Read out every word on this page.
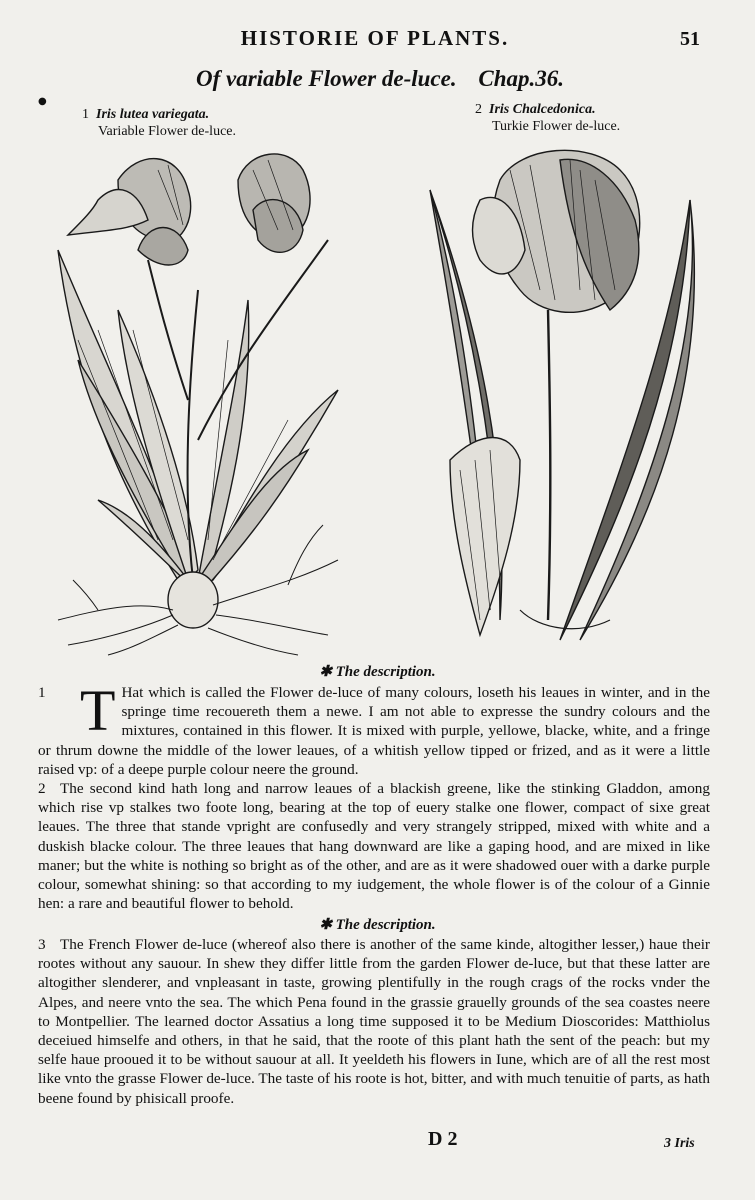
HISTORIE OF PLANTS.	51
Of variable Flower de-luce. Chap.36.
●
1 Iris lutea variegata.
Variable Flower de-luce.
2 Iris Chalcedonica.
Turkie Flower de-luce.
✱ The description.

1 T Hat which is called the Flower de-luce of many colours, loseth his leaues in winter, and in the springe time recouereth them a newe. I am not able to expresse the sundry colours and the mixtures, contained in this flower. It is mixed with purple, yellowe, blacke, white, and a fringe or thrum downe the middle of the lower leaues, of a whitish yellow tipped or frized, and as it were a little raised vp: of a deepe purple colour neere the ground.

2 The second kind hath long and narrow leaues of a blackish greene, like the stinking Gladdon, among which rise vp stalkes two foote long, bearing at the top of euery stalke one flower, compact of sixe great leaues. The three that stande vpright are confusedly and very strangely stripped, mixed with white and a duskish blacke colour. The three leaues that hang downward are like a gaping hood, and are mixed in like maner; but the white is nothing so bright as of the other, and are as it were shadowed ouer with a darke purple colour, somewhat shining: so that according to my iudgement, the whole flower is of the colour of a Ginnie hen: a rare and beautiful flower to behold.

✱ The description.

3 The French Flower de-luce (whereof also there is another of the same kinde, altogither lesser,) haue their rootes without any sauour. In shew they differ little from the garden Flower de-luce, but that these latter are altogither slenderer, and vnpleasant in taste, growing plentifully in the rough crags of the rocks vnder the Alpes, and neere vnto the sea. The which Pena found in the grassie grauelly grounds of the sea coastes neere to Montpellier. The learned doctor Assatius a long time supposed it to be Medium Dioscorides: Matthiolus deceiued himselfe and others, in that he said, that the roote of this plant hath the sent of the peach: but my selfe haue prooued it to be without sauour at all. It yeeldeth his flowers in Iune, which are of all the rest most like vnto the grasse Flower de-luce. The taste of his roote is hot, bitter, and with much tenuitie of parts, as hath beene found by phisicall proofe.

D 2	3 Iris
